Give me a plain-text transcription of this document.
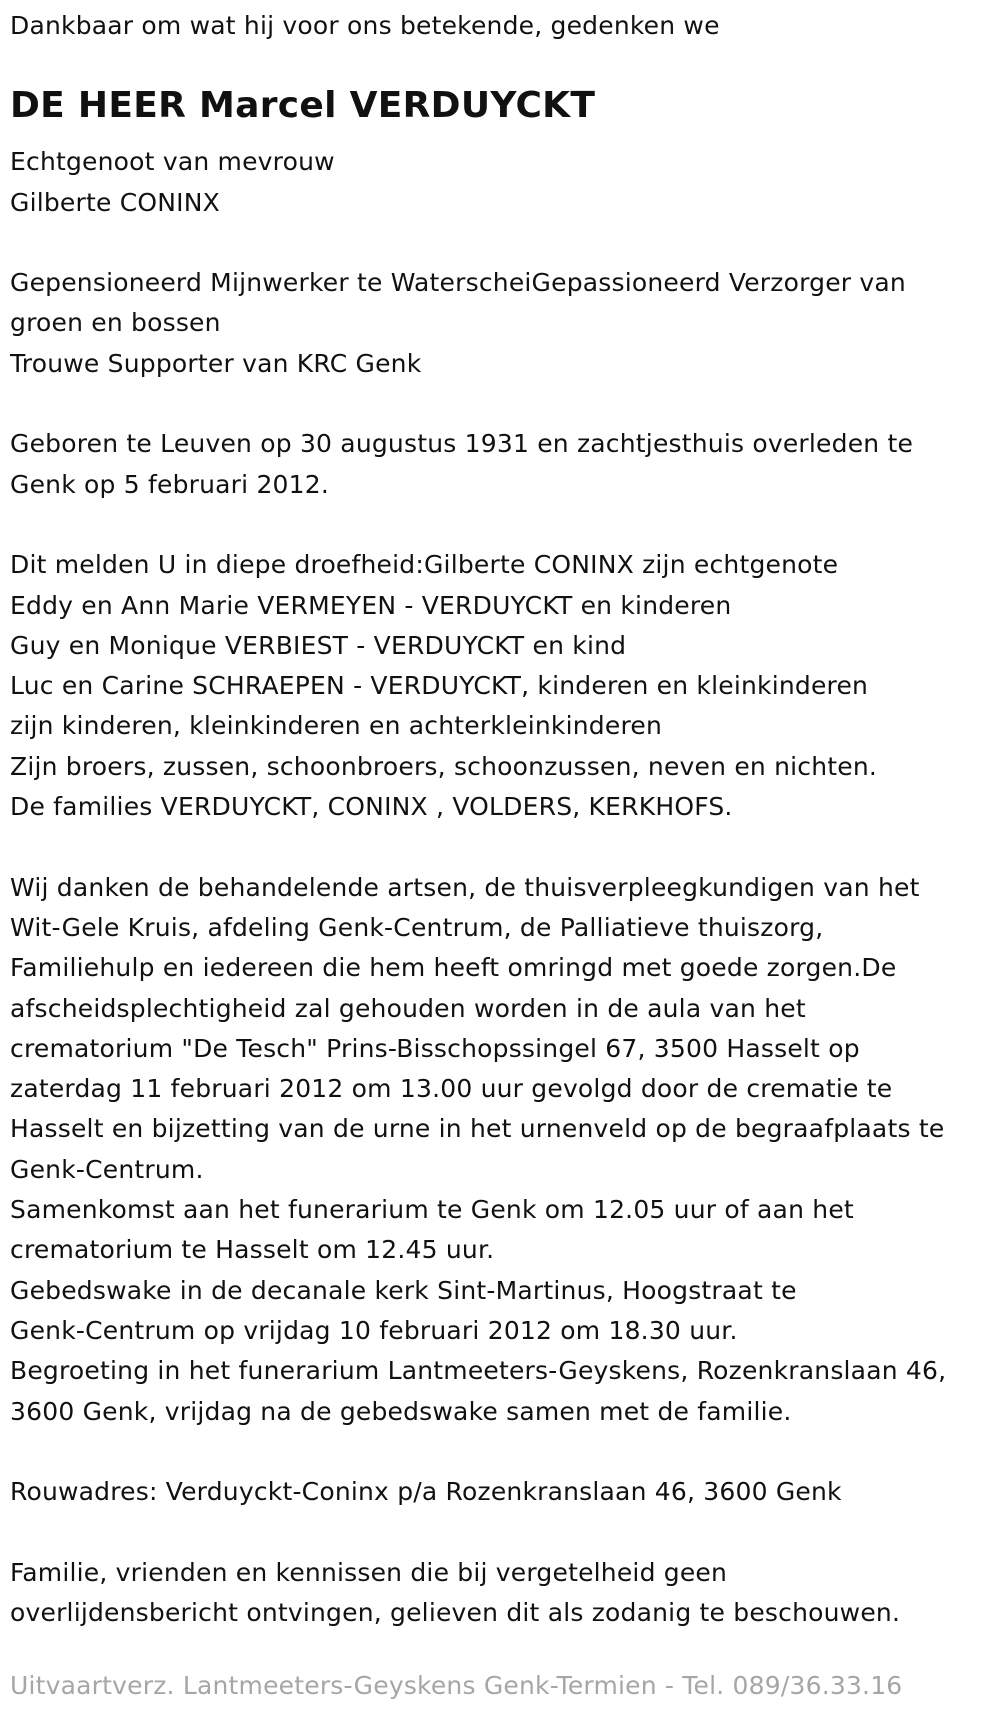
Dankbaar om wat hij voor ons betekende, gedenken we
DE HEER Marcel VERDUYCKT
Echtgenoot van mevrouw
Gilberte CONINX
Gepensioneerd Mijnwerker te WaterscheiGepassioneerd Verzorger van
groen en bossen
Trouwe Supporter van KRC Genk
Geboren te Leuven op 30 augustus 1931 en zachtjesthuis overleden te
Genk op 5 februari 2012.
Dit melden U in diepe droefheid:Gilberte CONINX zijn echtgenote
Eddy en Ann Marie VERMEYEN - VERDUYCKT en kinderen
Guy en Monique VERBIEST - VERDUYCKT en kind
Luc en Carine SCHRAEPEN - VERDUYCKT, kinderen en kleinkinderen
zijn kinderen, kleinkinderen en achterkleinkinderen
Zijn broers, zussen, schoonbroers, schoonzussen, neven en nichten.
De families VERDUYCKT, CONINX , VOLDERS, KERKHOFS.
Wij danken de behandelende artsen, de thuisverpleegkundigen van het
Wit-Gele Kruis, afdeling Genk-Centrum, de Palliatieve thuiszorg,
Familiehulp en iedereen die hem heeft omringd met goede zorgen.De
afscheidsplechtigheid zal gehouden worden in de aula van het
crematorium "De Tesch" Prins-Bisschopssingel 67, 3500 Hasselt op
zaterdag 11 februari 2012 om 13.00 uur gevolgd door de crematie te
Hasselt en bijzetting van de urne in het urnenveld op de begraafplaats te
Genk-Centrum.
Samenkomst aan het funerarium te Genk om 12.05 uur of aan het
crematorium te Hasselt om 12.45 uur.
Gebedswake in de decanale kerk Sint-Martinus, Hoogstraat te
Genk-Centrum op vrijdag 10 februari 2012 om 18.30 uur.
Begroeting in het funerarium Lantmeeters-Geyskens, Rozenkranslaan 46,
3600 Genk, vrijdag na de gebedswake samen met de familie.
Rouwadres: Verduyckt-Coninx p/a Rozenkranslaan 46, 3600 Genk
Familie, vrienden en kennissen die bij vergetelheid geen
overlijdensbericht ontvingen, gelieven dit als zodanig te beschouwen.
Uitvaartverz. Lantmeeters-Geyskens Genk-Termien - Tel. 089/36.33.16
